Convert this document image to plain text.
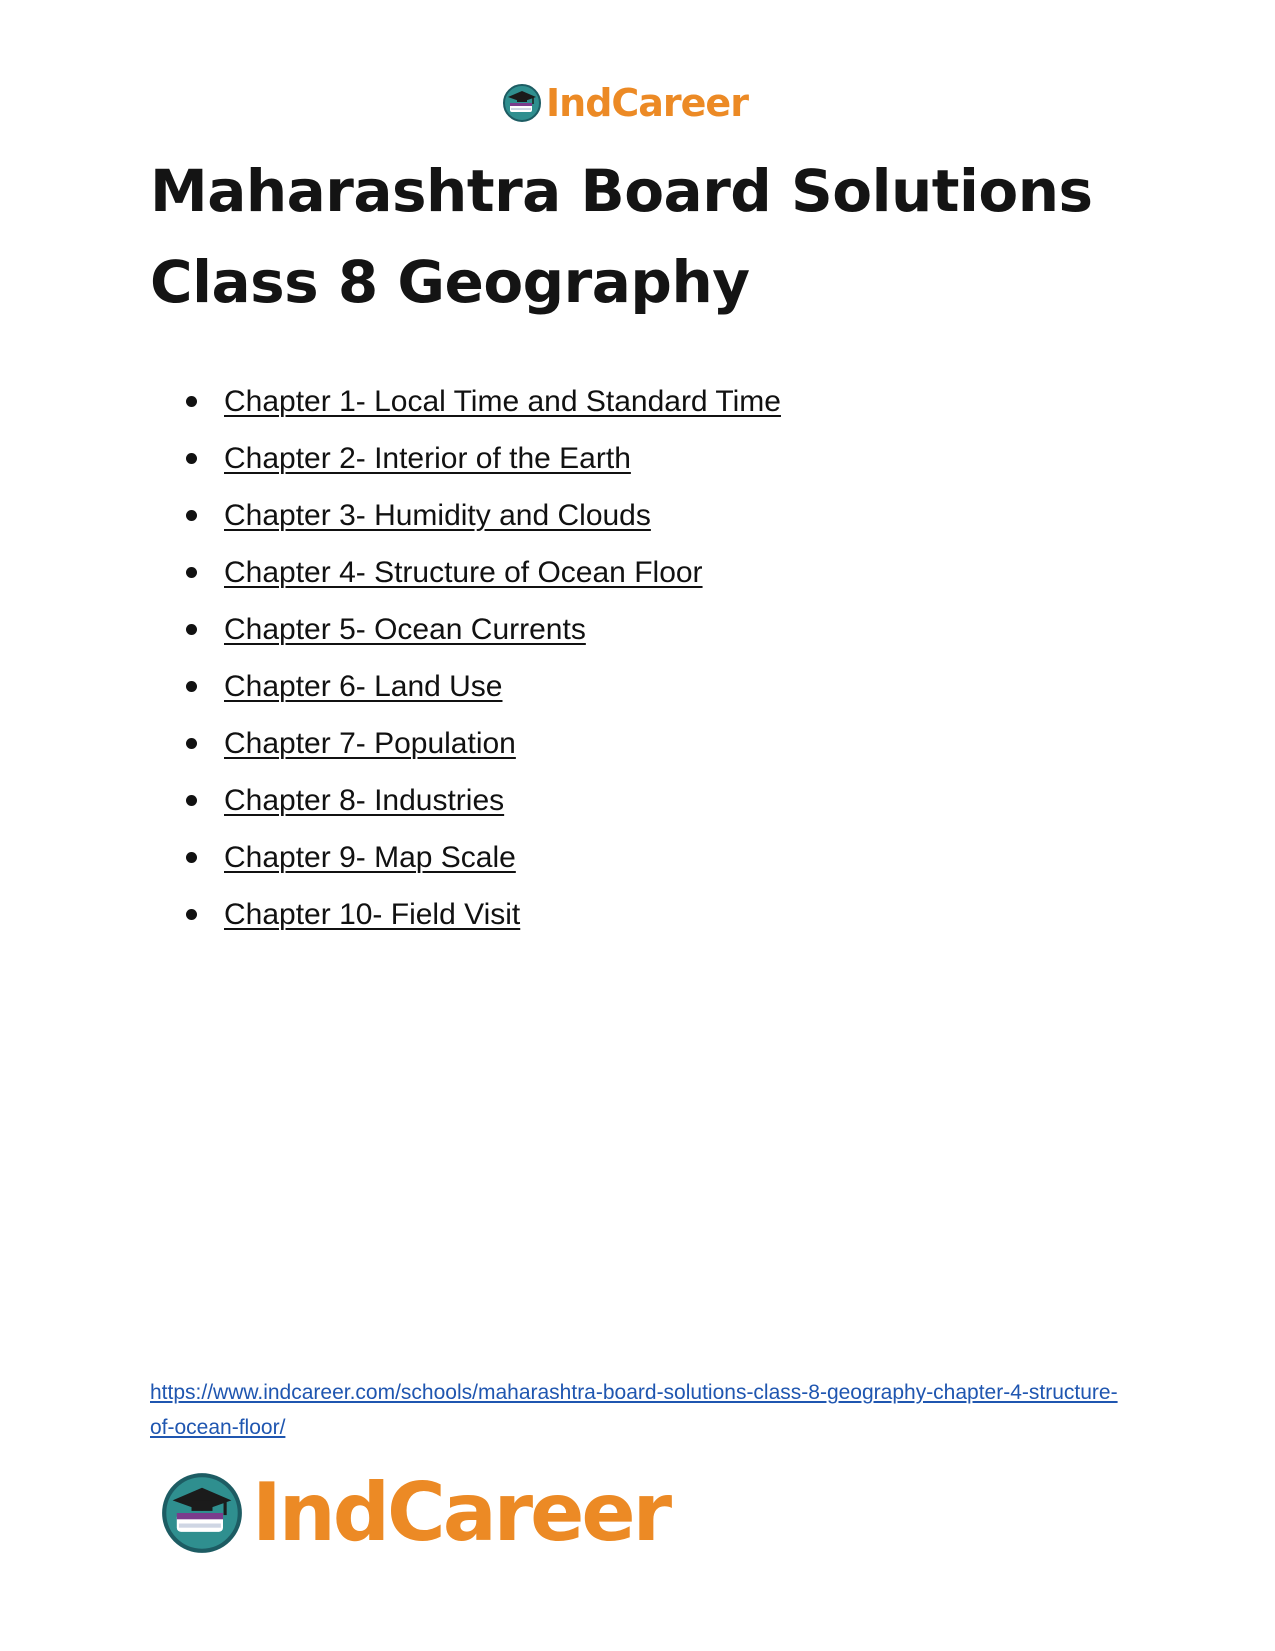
IndCareer
Maharashtra Board Solutions
Class 8 Geography
Chapter 1- Local Time and Standard Time
Chapter 2- Interior of the Earth
Chapter 3- Humidity and Clouds
Chapter 4- Structure of Ocean Floor
Chapter 5- Ocean Currents
Chapter 6- Land Use
Chapter 7- Population
Chapter 8- Industries
Chapter 9- Map Scale
Chapter 10- Field Visit
https://www.indcareer.com/schools/maharashtra-board-solutions-class-8-geography-chapter-4-structure-of-ocean-floor/
IndCareer
